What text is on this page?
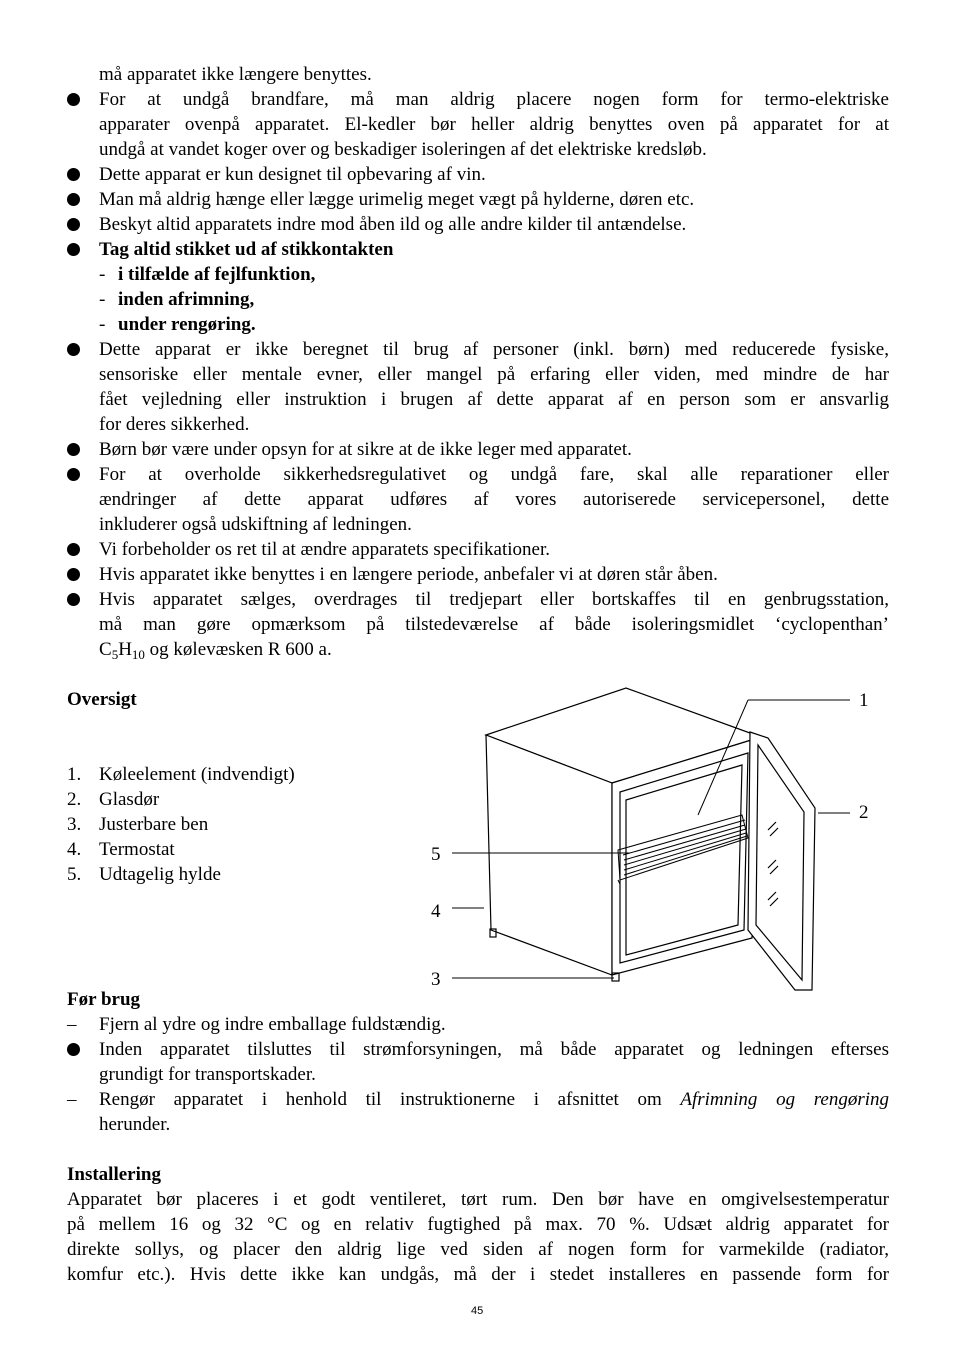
må apparatet ikke længere benyttes.
For at undgå brandfare, må man aldrig placere nogen form for termo-elektriske
apparater ovenpå apparatet. El-kedler bør heller aldrig benyttes oven på apparatet for at
undgå at vandet koger over og beskadiger isoleringen af det elektriske kredsløb.
Dette apparat er kun designet til opbevaring af vin.
Man må aldrig hænge eller lægge urimelig meget vægt på hylderne, døren etc.
Beskyt altid apparatets indre mod åben ild og alle andre kilder til antændelse.
Tag altid stikket ud af stikkontakten
- i tilfælde af fejlfunktion,
- inden afrimning,
- under rengøring.
Dette apparat er ikke beregnet til brug af personer (inkl. børn) med reducerede fysiske,
sensoriske eller mentale evner, eller mangel på erfaring eller viden, med mindre de har
fået vejledning eller instruktion i brugen af dette apparat af en person som er ansvarlig
for deres sikkerhed.
Børn bør være under opsyn for at sikre at de ikke leger med apparatet.
For at overholde sikkerhedsregulativet og undgå fare, skal alle reparationer eller
ændringer af dette apparat udføres af vores autoriserede servicepersonel, dette
inkluderer også udskiftning af ledningen.
Vi forbeholder os ret til at ændre apparatets specifikationer.
Hvis apparatet ikke benyttes i en længere periode, anbefaler vi at døren står åben.
Hvis apparatet sælges, overdrages til tredjepart eller bortskaffes til en genbrugsstation,
må man gøre opmærksom på tilstedeværelse af både isoleringsmidlet ‘cyclopenthan’
$C_5H_{10}$ og kølevæsken R 600 a.
Oversigt
1. Køleelement (indvendigt)
2. Glasdør
3. Justerbare ben
4. Termostat
5. Udtagelig hylde
1
2
5
4
3
Før brug
– Fjern al ydre og indre emballage fuldstændig.
Inden apparatet tilsluttes til strømforsyningen, må både apparatet og ledningen efterses
grundigt for transportskader.
– Rengør apparatet i henhold til instruktionerne i afsnittet om Afrimning og rengøring
herunder.
Installering
Apparatet bør placeres i et godt ventileret, tørt rum. Den bør have en omgivelsestemperatur
på mellem 16 og 32 °C og en relativ fugtighed på max. 70 %. Udsæt aldrig apparatet for
direkte sollys, og placer den aldrig lige ved siden af nogen form for varmekilde (radiator,
komfur etc.). Hvis dette ikke kan undgås, må der i stedet installeres en passende form for
45
